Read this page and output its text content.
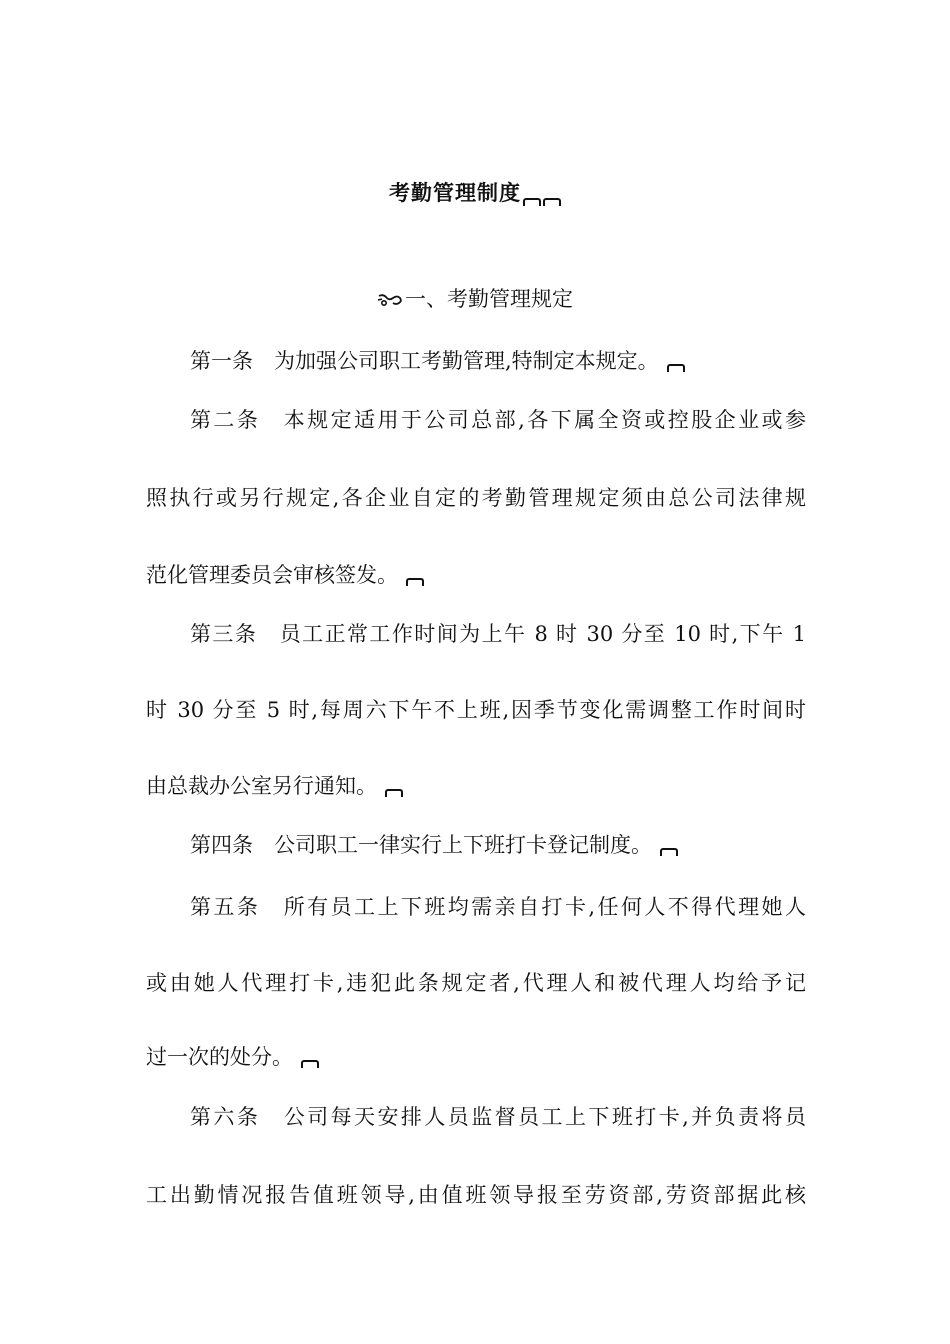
考勤管理制度
一、考勤管理规定
第一条　为加强公司职工考勤管理,特制定本规定。
第二条　本规定适用于公司总部,各下属全资或控股企业或参
照执行或另行规定,各企业自定的考勤管理规定须由总公司法律规
范化管理委员会审核签发。
第三条　员工正常工作时间为上午 8 时 30 分至 10 时,下午 1
时 30 分至 5 时,每周六下午不上班,因季节变化需调整工作时间时
由总裁办公室另行通知。
第四条　公司职工一律实行上下班打卡登记制度。
第五条　所有员工上下班均需亲自打卡,任何人不得代理她人
或由她人代理打卡,违犯此条规定者,代理人和被代理人均给予记
过一次的处分。
第六条　公司每天安排人员监督员工上下班打卡,并负责将员
工出勤情况报告值班领导,由值班领导报至劳资部,劳资部据此核
